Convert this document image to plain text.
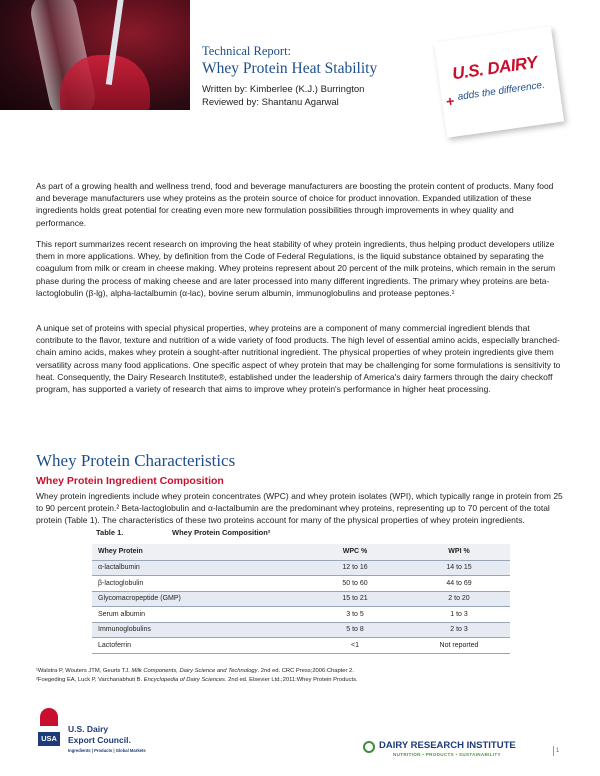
Technical Report:
Whey Protein Heat Stability
Written by: Kimberlee (K.J.) Burrington
Reviewed by: Shantanu Agarwal
U.S. DAIRY
+ adds the difference.
As part of a growing health and wellness trend, food and beverage manufacturers are boosting the protein content of products. Many food and beverage manufacturers use whey proteins as the protein source of choice for product innovation. Expanded utilization of these ingredients holds great potential for creating even more new formulation possibilities through improvements in whey quality and performance.
This report summarizes recent research on improving the heat stability of whey protein ingredients, thus helping product developers utilize them in more applications. Whey, by definition from the Code of Federal Regulations, is the liquid substance obtained by separating the coagulum from milk or cream in cheese making. Whey proteins represent about 20 percent of the milk proteins, which remain in the serum phase during the process of making cheese and are later processed into many different ingredients. The primary whey proteins are beta-lactoglobulin (β-lg), alpha-lactalbumin (α-lac), bovine serum albumin, immunoglobulins and protease peptones.¹
A unique set of proteins with special physical properties, whey proteins are a component of many commercial ingredient blends that contribute to the flavor, texture and nutrition of a wide variety of food products. The high level of essential amino acids, especially branched-chain amino acids, makes whey protein a sought-after nutritional ingredient. The physical properties of whey protein ingredients give them versatility across many food applications. One specific aspect of whey protein that may be challenging for some formulations is sensitivity to heat. Consequently, the Dairy Research Institute®, established under the leadership of America's dairy farmers through the dairy checkoff program, has supported a variety of research that aims to improve whey protein's performance in higher heat processing.
Whey Protein Characteristics
Whey Protein Ingredient Composition
Whey protein ingredients include whey protein concentrates (WPC) and whey protein isolates (WPI), which typically range in protein from 25 to 90 percent protein.² Beta-lactoglobulin and α-lactalbumin are the predominant whey proteins, representing up to 70 percent of the total protein (Table 1). The characteristics of these two proteins account for many of the physical properties of whey protein ingredients.
Table 1.	Whey Protein Composition²
Whey Protein	WPC %	WPI %
α-lactalbumin	12 to 16	14 to 15
β-lactoglobulin	50 to 60	44 to 69
Glycomacropeptide (GMP)	15 to 21	2 to 20
Serum albumin	3 to 5	1 to 3
Immunoglobulins	5 to 8	2 to 3
Lactoferrin	<1	Not reported
¹Walstra P, Wouters JTM, Geurts TJ. Milk Components, Dairy Science and Technology. 2nd ed. CRC Press;2006:Chapter 2.
²Foegeding EA, Luck P, Varchanabhuti B. Encyclopedia of Dairy Sciences. 2nd ed. Elsevier Ltd.;2011:Whey Protein Products.
USA
U.S. Dairy
Export Council.
Ingredients | Products | Global Markets	DAIRY RESEARCH INSTITUTE
NUTRITION • PRODUCTS • SUSTAINABILITY
1
